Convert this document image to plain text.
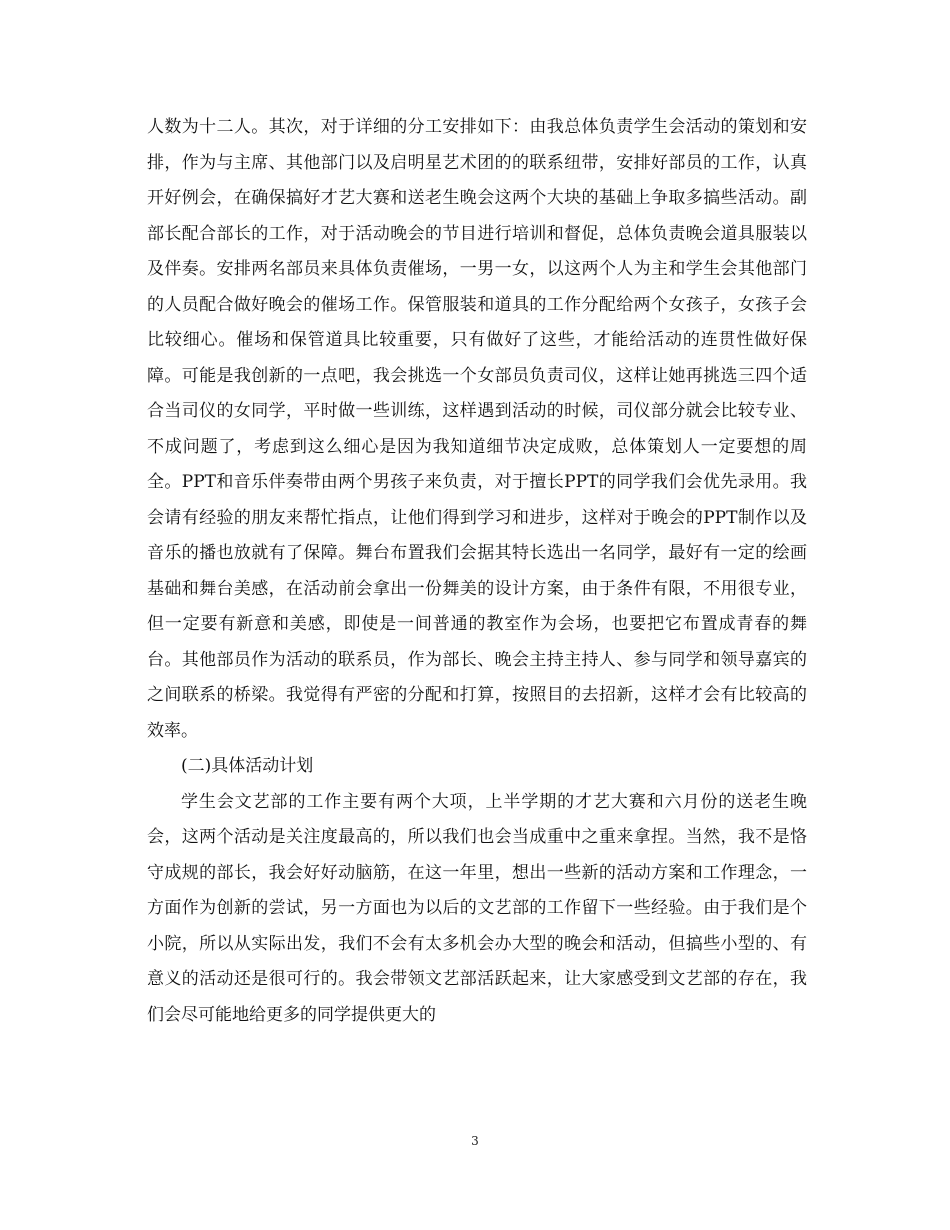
人数为十二人。其次，对于详细的分工安排如下：由我总体负责学生会活动的策划和安排，作为与主席、其他部门以及启明星艺术团的的联系纽带，安排好部员的工作，认真开好例会，在确保搞好才艺大赛和送老生晚会这两个大块的基础上争取多搞些活动。副部长配合部长的工作，对于活动晚会的节目进行培训和督促，总体负责晚会道具服装以及伴奏。安排两名部员来具体负责催场，一男一女，以这两个人为主和学生会其他部门的人员配合做好晚会的催场工作。保管服装和道具的工作分配给两个女孩子，女孩子会比较细心。催场和保管道具比较重要，只有做好了这些，才能给活动的连贯性做好保障。可能是我创新的一点吧，我会挑选一个女部员负责司仪，这样让她再挑选三四个适合当司仪的女同学，平时做一些训练，这样遇到活动的时候，司仪部分就会比较专业、不成问题了，考虑到这么细心是因为我知道细节决定成败，总体策划人一定要想的周全。PPT和音乐伴奏带由两个男孩子来负责，对于擅长PPT的同学我们会优先录用。我会请有经验的朋友来帮忙指点，让他们得到学习和进步，这样对于晚会的PPT制作以及音乐的播也放就有了保障。舞台布置我们会据其特长选出一名同学，最好有一定的绘画基础和舞台美感，在活动前会拿出一份舞美的设计方案，由于条件有限，不用很专业，但一定要有新意和美感，即使是一间普通的教室作为会场，也要把它布置成青春的舞台。其他部员作为活动的联系员，作为部长、晚会主持主持人、参与同学和领导嘉宾的之间联系的桥梁。我觉得有严密的分配和打算，按照目的去招新，这样才会有比较高的效率。

(二)具体活动计划

学生会文艺部的工作主要有两个大项，上半学期的才艺大赛和六月份的送老生晚会，这两个活动是关注度最高的，所以我们也会当成重中之重来拿捏。当然，我不是恪守成规的部长，我会好好动脑筋，在这一年里，想出一些新的活动方案和工作理念，一方面作为创新的尝试，另一方面也为以后的文艺部的工作留下一些经验。由于我们是个小院，所以从实际出发，我们不会有太多机会办大型的晚会和活动，但搞些小型的、有意义的活动还是很可行的。我会带领文艺部活跃起来，让大家感受到文艺部的存在，我们会尽可能地给更多的同学提供更大的

3
